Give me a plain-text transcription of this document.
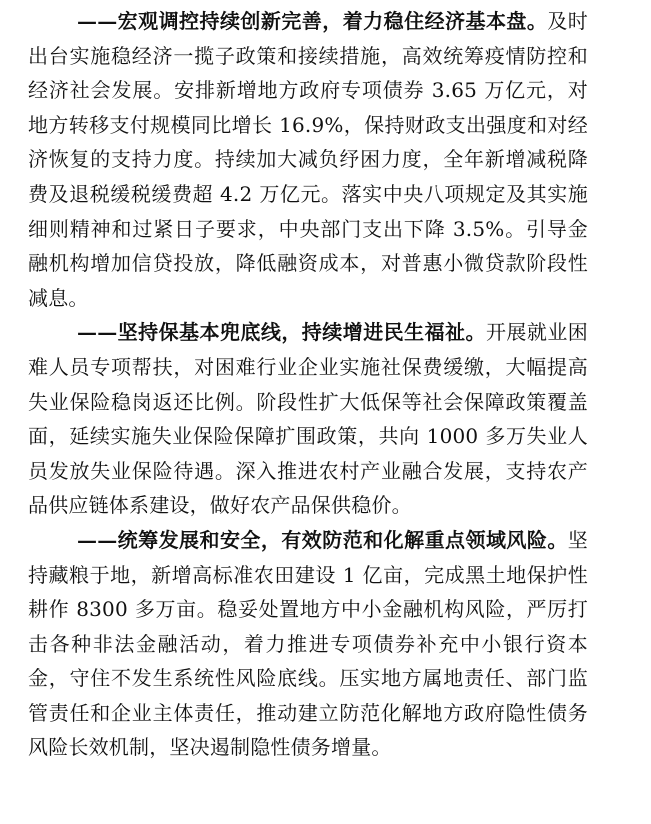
——宏观调控持续创新完善，着力稳住经济基本盘。及时
出台实施稳经济一揽子政策和接续措施，高效统筹疫情防控和
经济社会发展。安排新增地方政府专项债券 3.65 万亿元，对
地方转移支付规模同比增长 16.9%，保持财政支出强度和对经
济恢复的支持力度。持续加大减负纾困力度，全年新增减税降
费及退税缓税缓费超 4.2 万亿元。落实中央八项规定及其实施
细则精神和过紧日子要求，中央部门支出下降 3.5%。引导金
融机构增加信贷投放，降低融资成本，对普惠小微贷款阶段性
减息。
——坚持保基本兜底线，持续增进民生福祉。开展就业困
难人员专项帮扶，对困难行业企业实施社保费缓缴，大幅提高
失业保险稳岗返还比例。阶段性扩大低保等社会保障政策覆盖
面，延续实施失业保险保障扩围政策，共向 1000 多万失业人
员发放失业保险待遇。深入推进农村产业融合发展，支持农产
品供应链体系建设，做好农产品保供稳价。
——统筹发展和安全，有效防范和化解重点领域风险。坚
持藏粮于地，新增高标准农田建设 1 亿亩，完成黑土地保护性
耕作 8300 多万亩。稳妥处置地方中小金融机构风险，严厉打
击各种非法金融活动，着力推进专项债券补充中小银行资本
金，守住不发生系统性风险底线。压实地方属地责任、部门监
管责任和企业主体责任，推动建立防范化解地方政府隐性债务
风险长效机制，坚决遏制隐性债务增量。
